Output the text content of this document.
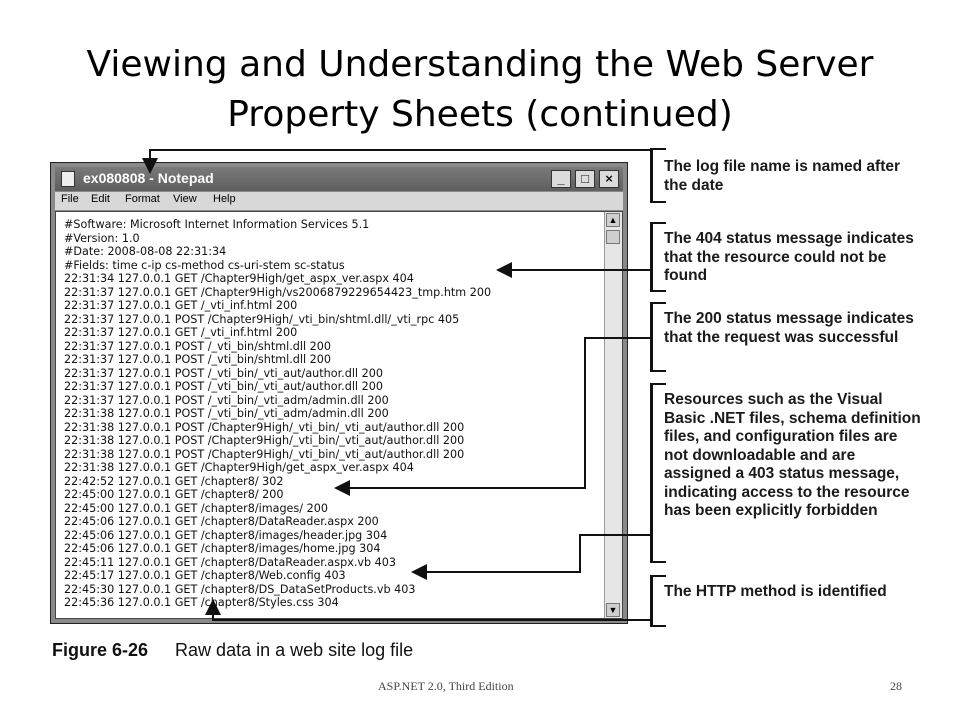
Viewing and Understanding the Web Server Property Sheets (continued)
ex080808 - Notepad	_	□	×
File Edit Format View Help
#Software: Microsoft Internet Information Services 5.1
#Version: 1.0
#Date: 2008-08-08 22:31:34
#Fields: time c-ip cs-method cs-uri-stem sc-status
22:31:34 127.0.0.1 GET /Chapter9High/get_aspx_ver.aspx 404
22:31:37 127.0.0.1 GET /Chapter9High/vs2006879229654423_tmp.htm 200
22:31:37 127.0.0.1 GET /_vti_inf.html 200
22:31:37 127.0.0.1 POST /Chapter9High/_vti_bin/shtml.dll/_vti_rpc 405
22:31:37 127.0.0.1 GET /_vti_inf.html 200
22:31:37 127.0.0.1 POST /_vti_bin/shtml.dll 200
22:31:37 127.0.0.1 POST /_vti_bin/shtml.dll 200
22:31:37 127.0.0.1 POST /_vti_bin/_vti_aut/author.dll 200
22:31:37 127.0.0.1 POST /_vti_bin/_vti_aut/author.dll 200
22:31:37 127.0.0.1 POST /_vti_bin/_vti_adm/admin.dll 200
22:31:38 127.0.0.1 POST /_vti_bin/_vti_adm/admin.dll 200
22:31:38 127.0.0.1 POST /Chapter9High/_vti_bin/_vti_aut/author.dll 200
22:31:38 127.0.0.1 POST /Chapter9High/_vti_bin/_vti_aut/author.dll 200
22:31:38 127.0.0.1 POST /Chapter9High/_vti_bin/_vti_aut/author.dll 200
22:31:38 127.0.0.1 GET /Chapter9High/get_aspx_ver.aspx 404
22:42:52 127.0.0.1 GET /chapter8/ 302
22:45:00 127.0.0.1 GET /chapter8/ 200
22:45:00 127.0.0.1 GET /chapter8/images/ 200
22:45:06 127.0.0.1 GET /chapter8/DataReader.aspx 200
22:45:06 127.0.0.1 GET /chapter8/images/header.jpg 304
22:45:06 127.0.0.1 GET /chapter8/images/home.jpg 304
22:45:11 127.0.0.1 GET /chapter8/DataReader.aspx.vb 403
22:45:17 127.0.0.1 GET /chapter8/Web.config 403
22:45:30 127.0.0.1 GET /chapter8/DS_DataSetProducts.vb 403
22:45:36 127.0.0.1 GET /chapter8/Styles.css 304
▲
▼
The log file name is named after the date
The 404 status message indicates that the resource could not be found
The 200 status message indicates that the request was successful
Resources such as the Visual Basic .NET files, schema definition files, and configuration files are not downloadable and are assigned a 403 status message, indicating access to the resource has been explicitly forbidden
The HTTP method is identified
Figure 6-26 Raw data in a web site log file
ASP.NET 2.0, Third Edition	28
